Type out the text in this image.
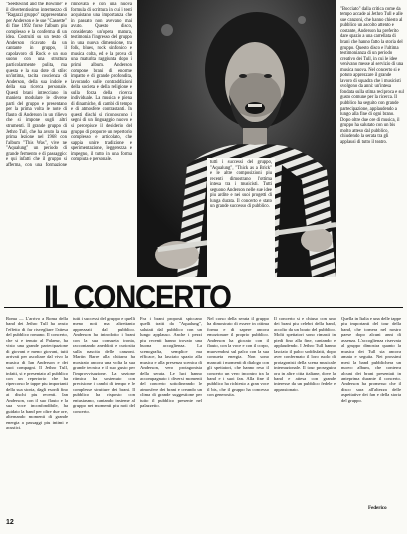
"Seedswind and the Bowline" e il divertentissimo intermezzo di "Ragazzi gruppo" rappresentano per Anderson e le sue "Cassette" di fine 1992 forse l'album piu complesso e la conferma di un idea. Costruiti su un testo di Anderson ricavato da un cantante in gruppo, il capolavoro di Rock e un suo suono con una struttura particolarmente pulita, ma questa e la sua dote di stile: un'intima, tacita coscienza di Anderson, della sua indole e della sua ricerca personale. Questi brani intrecciano in maniera modulare le diverse parti del gruppo e presentano per la prima volta le note di flauto di Anderson in un rilievo che si impone sugli altri strumenti. Il grande gruppo di Jethro Tull, che ha avuto la sua prima lezione nel 1968 con l'album "This Was", vive ne "Aqualung" un periodo di grande fermento e di passaggio: e qui infatti che il gruppo si afferma, con una formazione rinnovata e con una nuova formula di scrittura in cui i testi acquistano una importanza che in passato non avevano mai avuto. Questo disco, considerato un'opera matura, testimonia l'ingresso del gruppo in una nuova dimensione, tra folk, blues, rock sinfonico e musica colta, ed e la prova di una maturita raggiunta dopo i primi album. Anderson compone brani di enorme impatto e di grande profondita, lavorando sulle contraddizioni della societa e della religione e sulla forza della ricerca individuale. La musica e piena di dinamiche, di cambi di tempo e di atmosfere contrastanti. In questi dischi si riconoscono i segni di un linguaggio nuovo e si percepisce il desiderio del gruppo di proporre un repertorio complesso e articolato, che sappia unire tradizione e sperimentazione, leggerezza e impegno, il tutto in una forma compiuta e personale.

tutti i successi del gruppo, "Aqualung", "Thick as a Brick" e le altre composizioni piu recenti dimostrano l'ottima intesa tra i musicisti. Tutti seguono Anderson nelle sue idee piu ardite e nei suoi progetti di lunga durata. Il concerto e stato un grande successo di pubblico.

"Bocciato" dalla critica come da tempo accade ai Jethro Tull e alle sue canzoni, che hanno chiesto al pubblico un ascolto attento e costante, Anderson ha preferito dare spazio a una carrellata di brani che hanno fatto la storia del gruppo. Questo disco e l'ultima testimonianza di un periodo creativo dei Tull, in cui le idee venivano messe al servizio di una musica nuova. Nel concerto si e potuto apprezzare il grande lavoro di squadra che i musicisti svolgono da anni: un'intesa fondata sulla stima reciproca e sul gusto comune per la ricerca. Il pubblico ha seguito con grande partecipazione, applaudendo a lungo alla fine di ogni brano. Dopo oltre due ore di musica, il gruppo ha salutato con un bis molto atteso dal pubblico, chiudendo la serata tra gli applausi di tutto il teatro.

IL CONCERTO

Roma — L'arrivo a Roma della band dei Jethro Tull ha avuto l'effetto di far risvegliare l'attesa del pubblico romano. Il concerto, che si e tenuto al Palaeur, ha visto una grande partecipazione di giovani e meno giovani, tutti arrivati per ascoltare dal vivo la musica di Ian Anderson e dei suoi compagni. Il Jethro Tull, infatti, si e presentato al pubblico con un repertorio che ha ripercorso le tappe piu importanti della sua storia, dagli esordi fino ai dischi piu recenti. Ian Anderson, con il suo flauto e la sua voce inconfondibile, ha guidato la band per oltre due ore, alternando momenti di grande energia a passaggi piu intimi e acustici.

tutti i successi del gruppo e quelli meno noti ma altrettanto apprezzati dal pubblico. Anderson ha introdotto i brani con la sua consueta ironia, raccontando aneddoti e curiosita sulla nascita delle canzoni. Martin Barre alla chitarra ha mostrato ancora una volta la sua grande tecnica e il suo gusto per l'improvvisazione. La sezione ritmica ha sostenuto con precisione i cambi di tempo e le complesse strutture dei brani. Il pubblico ha risposto con entusiasmo, cantando insieme al gruppo nei momenti piu noti del concerto.

Fra i brani proposti spiccano quelli tratti da "Aqualung", salutati dal pubblico con un lungo applauso. Anche i pezzi piu recenti hanno trovato una buona accoglienza. La scenografia, semplice ma efficace, ha lasciato spazio alla musica e alla presenza scenica di Anderson, vero protagonista della serata. Le luci hanno accompagnato i diversi momenti del concerto sottolineando le atmosfere dei brani e creando un clima di grande suggestione per tutto il pubblico presente nel palazzetto.

Nel corso della serata il gruppo ha dimostrato di essere in ottima forma e di sapere ancora emozionare il proprio pubblico. Anderson ha giocato con il flauto, con la voce e con il corpo, muovendosi sul palco con la sua consueta energia. Non sono mancati i momenti di dialogo con gli spettatori, che hanno reso il concerto un vero incontro tra la band e i suoi fan. Alla fine il pubblico ha richiesto a gran voce il bis, che il gruppo ha concesso con generosita.

Il concerto si e chiuso con uno dei brani piu celebri della band, accolto da un boato del pubblico. Molti spettatori sono rimasti in piedi fino alla fine, cantando e applaudendo. I Jethro Tull hanno lasciato il palco soddisfatti, dopo aver confermato il loro ruolo di protagonisti della scena musicale internazionale. Il tour proseguira ora in altre citta italiane, dove la band e attesa con grande interesse da un pubblico fedele e appassionato.

Quella in Italia e una delle tappe piu importanti del tour della band, che tornera nel nostro paese dopo alcuni anni di assenza. L'accoglienza riservata al gruppo dimostra quanto la musica dei Tull sia ancora amata e seguita. Nei prossimi mesi la band pubblichera un nuovo album, che conterra alcuni dei brani presentati in anteprima durante il concerto. Anderson ha promesso che il disco sara all'altezza delle aspettative dei fan e della storia del gruppo.

12
Federico
